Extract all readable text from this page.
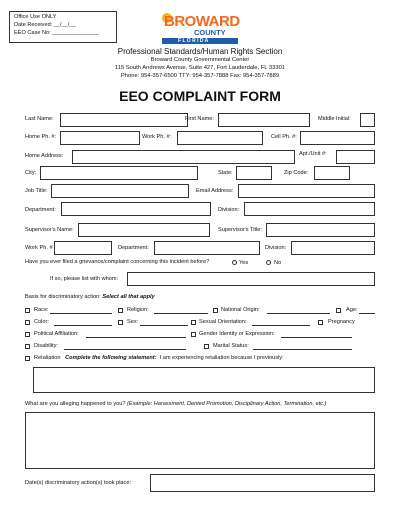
Office Use ONLY
Date Received: __/__/__
EEO Case No: _______________
BROWARD
COUNTY
F L O R I D A
Professional Standards/Human Rights Section
Broward County Governmental Center
115 South Andrews Avenue, Suite 427, Fort Lauderdale, FL 33301
Phone: 954-357-6500 TTY: 954-357-7888 Fax: 954-357-7889
EEO COMPLAINT FORM
Last Name:	First Name:	Middle Initial:
Home Ph. #:	Work Ph. #:	Cell Ph. #:
Home Address:	Apt./Unit #:
City:	State:	Zip Code:
Job Title:	Email Address:
Department:	Division:
Supervisor's Name:	Supervisor's Title:
Work Ph. #	Department:	Division:
Have you ever filed a grievance/complaint concerning this incident before?	Yes	No
If so, please list with whom:
Basis for discriminatory action: Select all that apply
Race:	Religion:	National Origin:	Age:
Color:	Sex:	Sexual Orientation:	Pregnancy
Political Affiliation:	Gender Identity or Expression:
Disability:	Marital Status:
Retaliation Complete the following statement: I am experiencing retaliation because I previously:
What are you alleging happened to you? (Example: Harassment, Denied Promotion, Disciplinary Action, Termination, etc.)
Date(s) discriminatory action(s) took place:
